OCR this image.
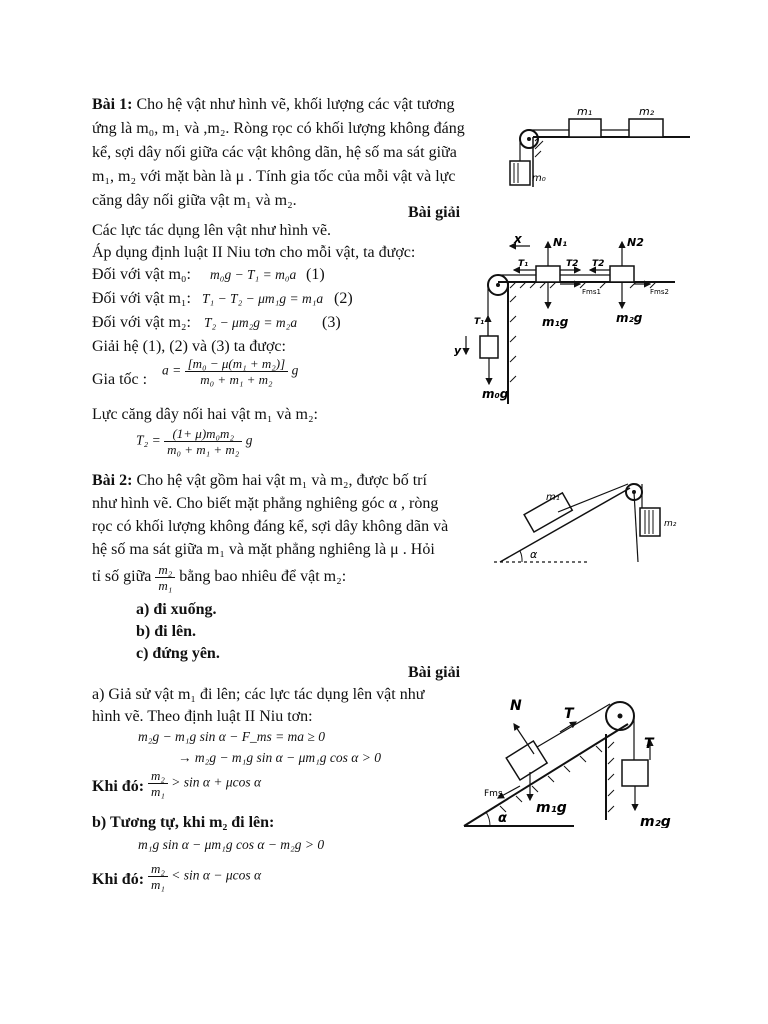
Bài 1: Cho hệ vật như hình vẽ, khối lượng các vật tương
ứng là m₀, m₁ và ,m₂. Ròng rọc có khối lượng không đáng
kể, sợi dây nối giữa các vật không dãn, hệ số ma sát giữa
m₁, m₂ với mặt bàn là μ . Tính gia tốc của mỗi vật và lực
căng dây nối giữa vật m₁ và m₂.
m₁	m₂
m₀
Bài giải
Các lực tác dụng lên vật như hình vẽ.
Áp dụng định luật II Niu tơn cho mỗi vật, ta được:
Đối với vật m₀: m₀g − T₁ = m₀a (1)
Đối với vật m₁: T₁ − T₂ − μm₁g = m₁a (2)
Đối với vật m₂: T₂ − μm₂g = m₂a (3)
Giải hệ (1), (2) và (3) ta được:
Gia tốc :
$a = \frac{\text{[m₀ − μ(m₁ + m₂)]}}{\text{m₀ + m₁ + m₂}}$ g
Lực căng dây nối hai vật m₁ và m₂:
$T_2 = \frac{\text{(1+ μ)m₀m₂}}{\text{m₀ + m₁ + m₂}}$ g
x	N₁	N2
T₁	T2 T2
Fms1	Fms2
m₁g	m₂g
y
T₁
m₀g
Bài 2: Cho hệ vật gồm hai vật m₁ và m₂, được bố trí
như hình vẽ. Cho biết mặt phẳng nghiêng góc α , ròng
rọc có khối lượng không đáng kể, sợi dây không dãn và
hệ số ma sát giữa m₁ và mặt phẳng nghiêng là μ . Hỏi
tỉ số giữa $\frac{\text{m₂}}{\text{m₁}}$ bằng bao nhiêu để vật m₂:
a) đi xuống.
b) đi lên.
c) đứng yên.
m₁
m₂
α
Bài giải
a) Giả sử vật m₁ đi lên; các lực tác dụng lên vật như
hình vẽ. Theo định luật II Niu tơn:
m₂g − m₁g sin α − F_ms = ma ≥ 0
→ m₂g − m₁g sin α − μm₁g cos α > 0
Khi đó: $\frac{\text{m₂}}{\text{m₁}} > \sin \alpha + \mu\cos$ α
b) Tương tự, khi m₂ đi lên:
m₁g sin α − μm₁g cos α − m₂g > 0
Khi đó: $\frac{\text{m₂}}{\text{m₁}} < \sin \alpha - \mu\cos$ α
N	T
T
Fms
α
m₁g
m₂g
